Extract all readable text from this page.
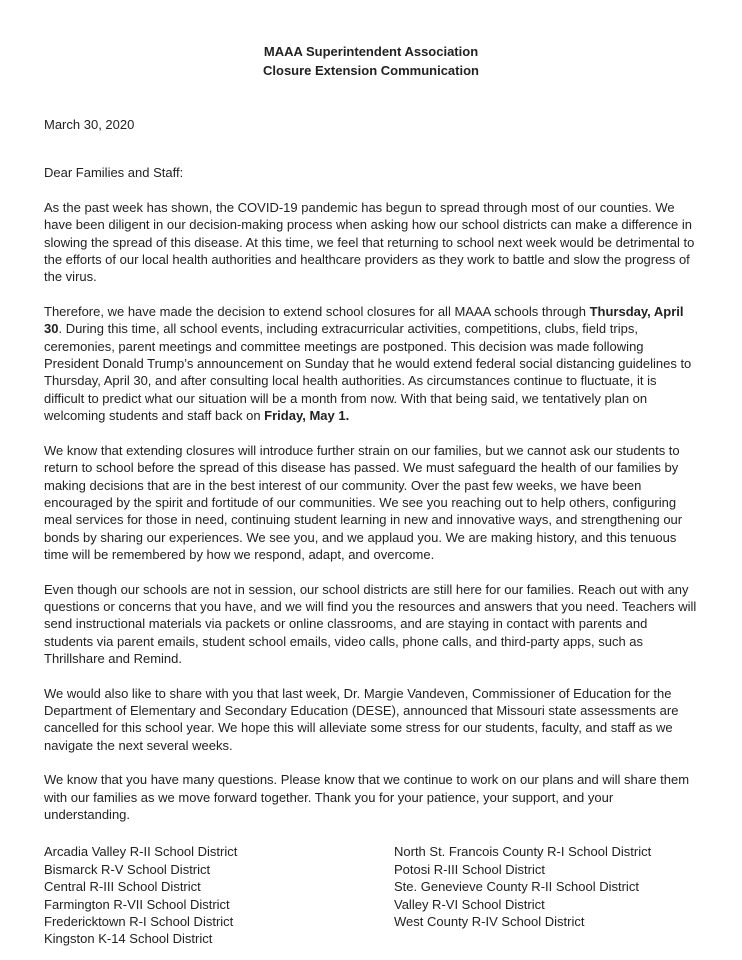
MAAA Superintendent Association
Closure Extension Communication
March 30, 2020
Dear Families and Staff:

As the past week has shown, the COVID-19 pandemic has begun to spread through most of our counties. We have been diligent in our decision-making process when asking how our school districts can make a difference in slowing the spread of this disease. At this time, we feel that returning to school next week would be detrimental to the efforts of our local health authorities and healthcare providers as they work to battle and slow the progress of the virus.

Therefore, we have made the decision to extend school closures for all MAAA schools through Thursday, April 30. During this time, all school events, including extracurricular activities, competitions, clubs, field trips, ceremonies, parent meetings and committee meetings are postponed. This decision was made following President Donald Trump’s announcement on Sunday that he would extend federal social distancing guidelines to Thursday, April 30, and after consulting local health authorities. As circumstances continue to fluctuate, it is difficult to predict what our situation will be a month from now. With that being said, we tentatively plan on welcoming students and staff back on Friday, May 1.

We know that extending closures will introduce further strain on our families, but we cannot ask our students to return to school before the spread of this disease has passed. We must safeguard the health of our families by making decisions that are in the best interest of our community. Over the past few weeks, we have been encouraged by the spirit and fortitude of our communities. We see you reaching out to help others, configuring meal services for those in need, continuing student learning in new and innovative ways, and strengthening our bonds by sharing our experiences. We see you, and we applaud you. We are making history, and this tenuous time will be remembered by how we respond, adapt, and overcome.

Even though our schools are not in session, our school districts are still here for our families. Reach out with any questions or concerns that you have, and we will find you the resources and answers that you need. Teachers will send instructional materials via packets or online classrooms, and are staying in contact with parents and students via parent emails, student school emails, video calls, phone calls, and third-party apps, such as Thrillshare and Remind.

We would also like to share with you that last week, Dr. Margie Vandeven, Commissioner of Education for the Department of Elementary and Secondary Education (DESE), announced that Missouri state assessments are cancelled for this school year. We hope this will alleviate some stress for our students, faculty, and staff as we navigate the next several weeks.

We know that you have many questions. Please know that we continue to work on our plans and will share them with our families as we move forward together. Thank you for your patience, your support, and your understanding.

Arcadia Valley R-II School District
Bismarck R-V School District
Central R-III School District
Farmington R-VII School District
Fredericktown R-I School District
Kingston K-14 School District
North St. Francois County R-I School District
Potosi R-III School District
Ste. Genevieve County R-II School District
Valley R-VI School District
West County R-IV School District
